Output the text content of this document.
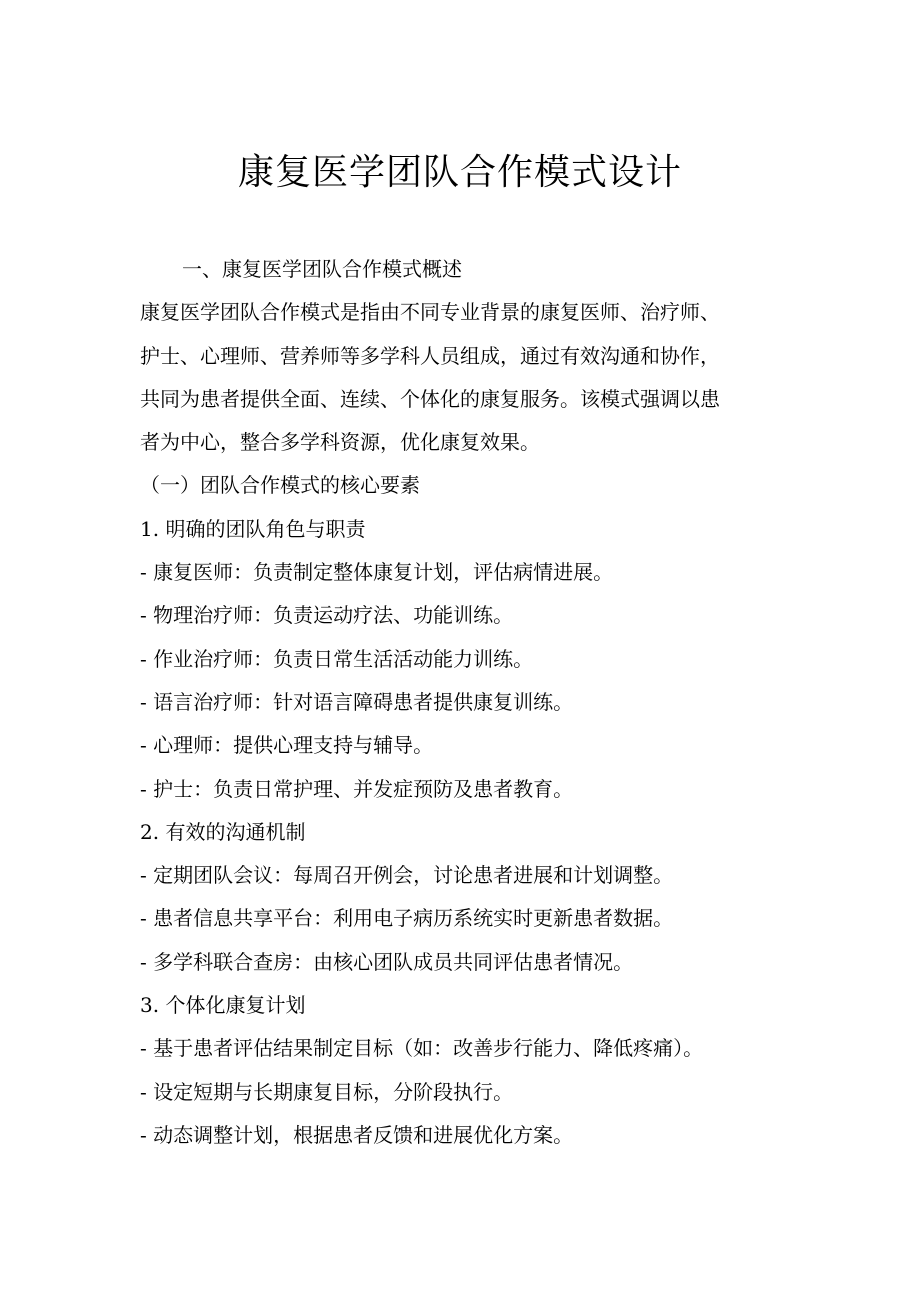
康复医学团队合作模式设计

一、康复医学团队合作模式概述

康复医学团队合作模式是指由不同专业背景的康复医师、治疗师、

护士、心理师、营养师等多学科人员组成，通过有效沟通和协作，

共同为患者提供全面、连续、个体化的康复服务。该模式强调以患

者为中心，整合多学科资源，优化康复效果。

（一）团队合作模式的核心要素

1. 明确的团队角色与职责

- 康复医师：负责制定整体康复计划，评估病情进展。

- 物理治疗师：负责运动疗法、功能训练。

- 作业治疗师：负责日常生活活动能力训练。

- 语言治疗师：针对语言障碍患者提供康复训练。

- 心理师：提供心理支持与辅导。

- 护士：负责日常护理、并发症预防及患者教育。

2. 有效的沟通机制

- 定期团队会议：每周召开例会，讨论患者进展和计划调整。

- 患者信息共享平台：利用电子病历系统实时更新患者数据。

- 多学科联合查房：由核心团队成员共同评估患者情况。

3. 个体化康复计划

- 基于患者评估结果制定目标（如：改善步行能力、降低疼痛）。

- 设定短期与长期康复目标，分阶段执行。

- 动态调整计划，根据患者反馈和进展优化方案。
